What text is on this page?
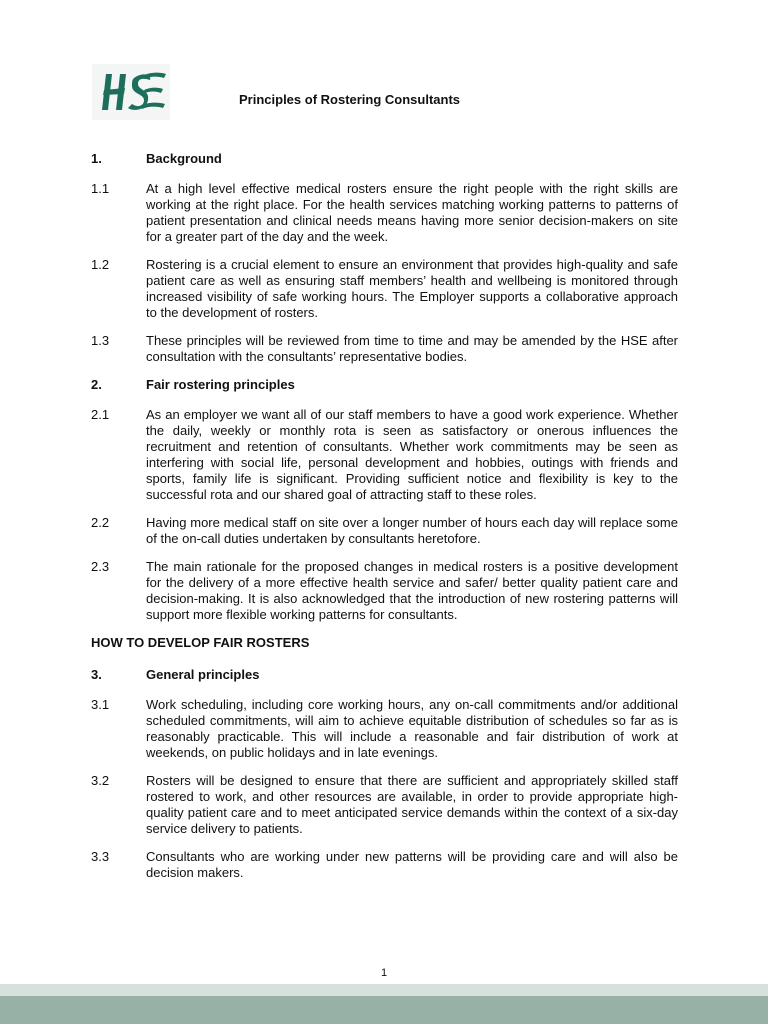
Principles of Rostering Consultants
1.	Background
1.1	At a high level effective medical rosters ensure the right people with the right skills are working at the right place. For the health services matching working patterns to patterns of patient presentation and clinical needs means having more senior decision-makers on site for a greater part of the day and the week.
1.2	Rostering is a crucial element to ensure an environment that provides high-quality and safe patient care as well as ensuring staff members’ health and wellbeing is monitored through increased visibility of safe working hours. The Employer supports a collaborative approach to the development of rosters.
1.3	These principles will be reviewed from time to time and may be amended by the HSE after consultation with the consultants’ representative bodies.
2.	Fair rostering principles
2.1	As an employer we want all of our staff members to have a good work experience. Whether the daily, weekly or monthly rota is seen as satisfactory or onerous influences the recruitment and retention of consultants. Whether work commitments may be seen as interfering with social life, personal development and hobbies, outings with friends and sports, family life is significant. Providing sufficient notice and flexibility is key to the successful rota and our shared goal of attracting staff to these roles.
2.2	Having more medical staff on site over a longer number of hours each day will replace some of the on-call duties undertaken by consultants heretofore.
2.3	The main rationale for the proposed changes in medical rosters is a positive development for the delivery of a more effective health service and safer/ better quality patient care and decision-making. It is also acknowledged that the introduction of new rostering patterns will support more flexible working patterns for consultants.
HOW TO DEVELOP FAIR ROSTERS
3.	General principles
3.1	Work scheduling, including core working hours, any on-call commitments and/or additional scheduled commitments, will aim to achieve equitable distribution of schedules so far as is reasonably practicable. This will include a reasonable and fair distribution of work at weekends, on public holidays and in late evenings.
3.2	Rosters will be designed to ensure that there are sufficient and appropriately skilled staff rostered to work, and other resources are available, in order to provide appropriate high-quality patient care and to meet anticipated service demands within the context of a six-day service delivery to patients.
3.3	Consultants who are working under new patterns will be providing care and will also be decision makers.
1
